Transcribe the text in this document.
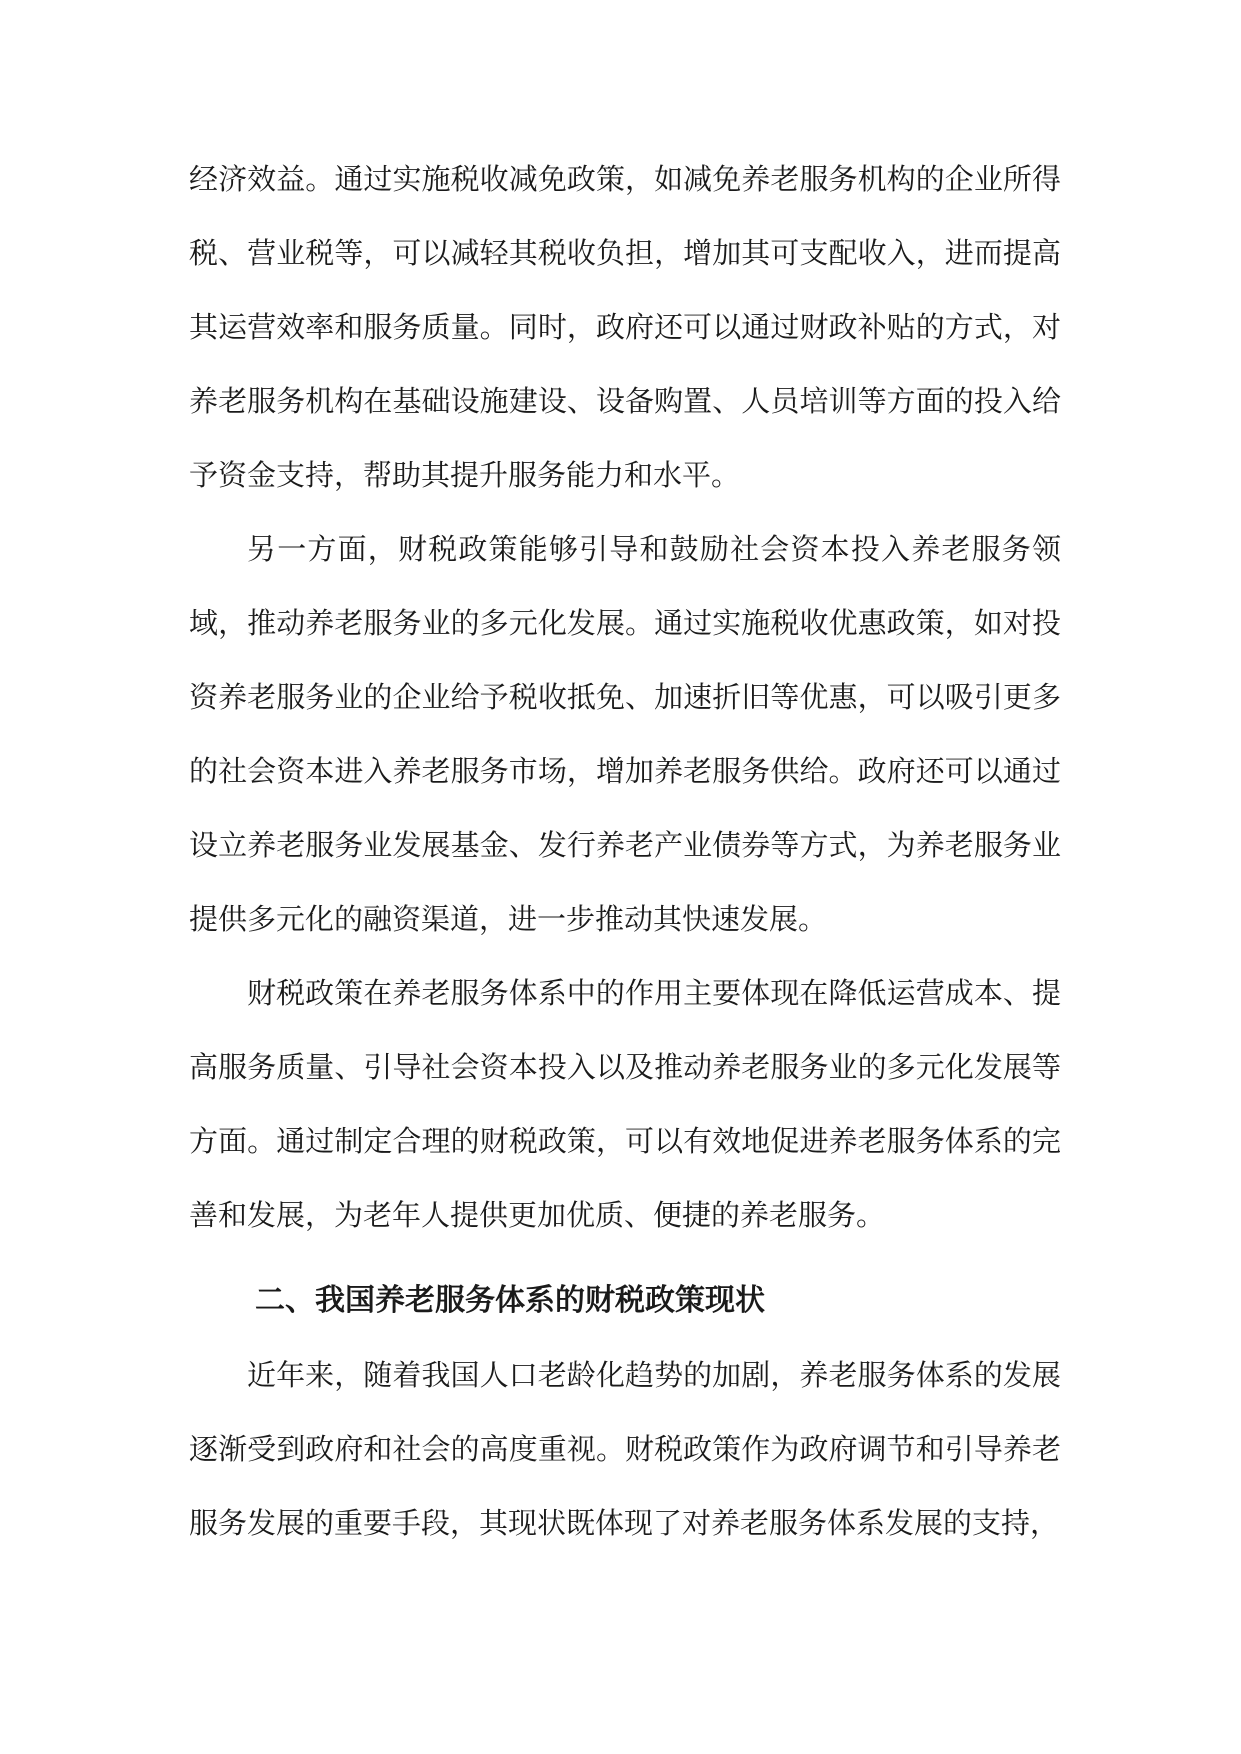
经济效益。通过实施税收减免政策，如减免养老服务机构的企业所得税、营业税等，可以减轻其税收负担，增加其可支配收入，进而提高其运营效率和服务质量。同时，政府还可以通过财政补贴的方式，对养老服务机构在基础设施建设、设备购置、人员培训等方面的投入给予资金支持，帮助其提升服务能力和水平。

另一方面，财税政策能够引导和鼓励社会资本投入养老服务领域，推动养老服务业的多元化发展。通过实施税收优惠政策，如对投资养老服务业的企业给予税收抵免、加速折旧等优惠，可以吸引更多的社会资本进入养老服务市场，增加养老服务供给。政府还可以通过设立养老服务业发展基金、发行养老产业债券等方式，为养老服务业提供多元化的融资渠道，进一步推动其快速发展。

财税政策在养老服务体系中的作用主要体现在降低运营成本、提高服务质量、引导社会资本投入以及推动养老服务业的多元化发展等方面。通过制定合理的财税政策，可以有效地促进养老服务体系的完善和发展，为老年人提供更加优质、便捷的养老服务。

二、我国养老服务体系的财税政策现状

近年来，随着我国人口老龄化趋势的加剧，养老服务体系的发展逐渐受到政府和社会的高度重视。财税政策作为政府调节和引导养老服务发展的重要手段，其现状既体现了对养老服务体系发展的支持，
